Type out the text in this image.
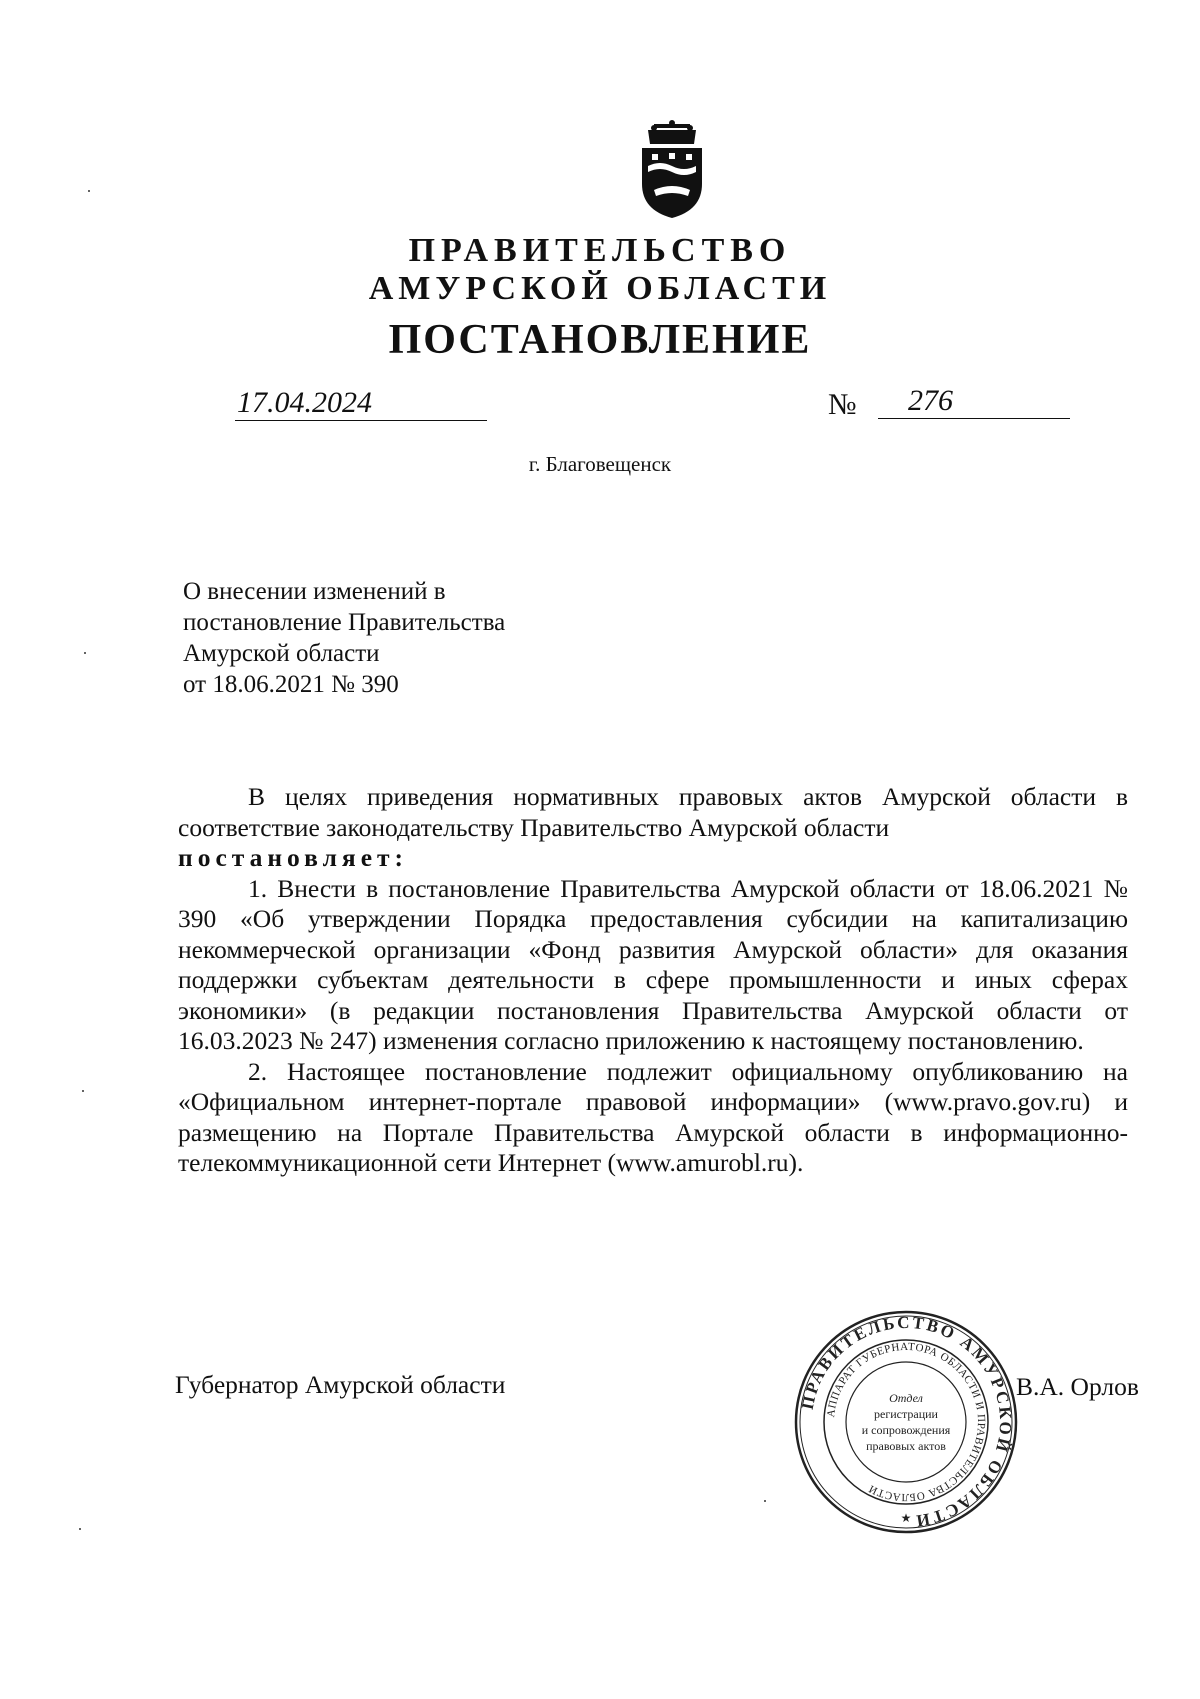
ПРАВИТЕЛЬСТВО
АМУРСКОЙ ОБЛАСТИ
ПОСТАНОВЛЕНИЕ
17.04.2024	№	276
г. Благовещенск
О внесении изменений в
постановление Правительства
Амурской области
от 18.06.2021 № 390

В целях приведения нормативных правовых актов Амурской области в соответствие законодательству Правительство Амурской области

постановляет:

1. Внести в постановление Правительства Амурской области от 18.06.2021 № 390 «Об утверждении Порядка предоставления субсидии на капитализацию некоммерческой организации «Фонд развития Амурской области» для оказания поддержки субъектам деятельности в сфере промышленности и иных сферах экономики» (в редакции постановления Правительства Амурской области от 16.03.2023 № 247) изменения согласно приложению к настоящему постановлению.

2. Настоящее постановление подлежит официальному опубликованию на «Официальном интернет-портале правовой информации» (www.pravo.gov.ru) и размещению на Портале Правительства Амурской области в информационно-телекоммуникационной сети Интернет (www.amurobl.ru).

Губернатор Амурской области	В.А. Орлов
ПРАВИТЕЛЬСТВО АМУРСКОЙ ОБЛАСТИ
АППАРАТ ГУБЕРНАТОРА ОБЛАСТИ И ПРАВИТЕЛЬСТВА ОБЛАСТИ
Отдел
регистрации
и сопровождения
правовых актов
★
